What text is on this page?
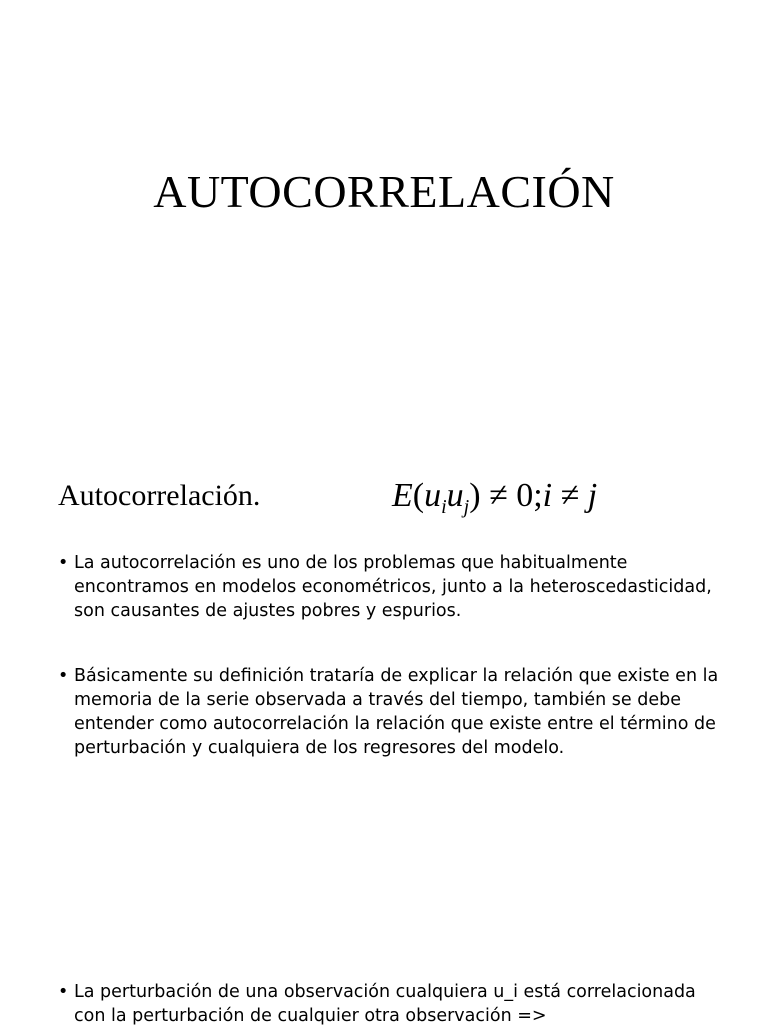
AUTOCORRELACIÓN
Autocorrelación.	$E(u_iu_j)$ ≠ 0;i ≠ j
• La autocorrelación es uno de los problemas que habitualmente encontramos en modelos econométricos, junto a la heteroscedasticidad, son causantes de ajustes pobres y espurios.
• Básicamente su definición trataría de explicar la relación que existe en la memoria de la serie observada a través del tiempo, también se debe entender como autocorrelación la relación que existe entre el término de perturbación y cualquiera de los regresores del modelo.
• La perturbación de una observación cualquiera u_i está correlacionada con la perturbación de cualquier otra observación =>
